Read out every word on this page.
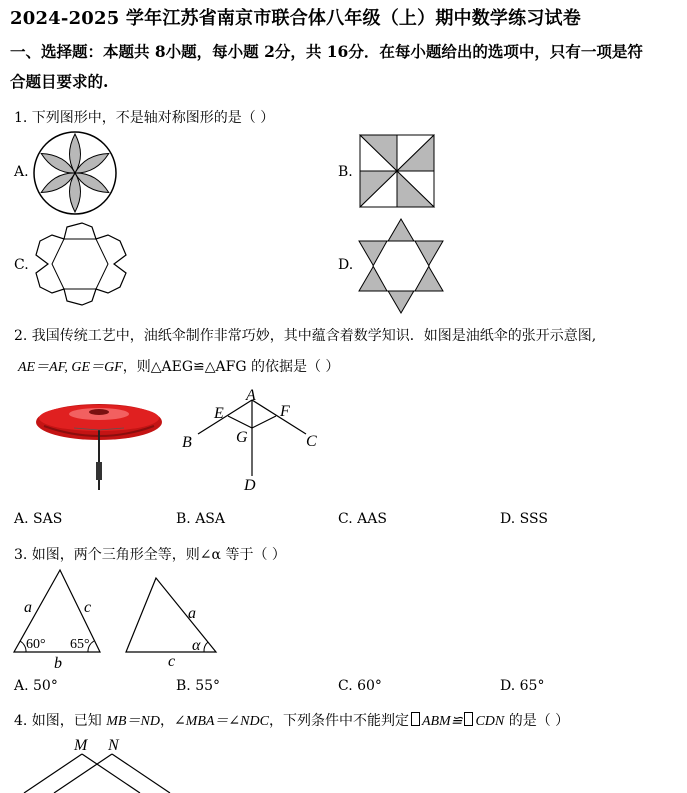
2024-2025 学年江苏省南京市联合体八年级（上）期中数学练习试卷
一、选择题：本题共 8小题，每小题 2分，共 16分．在每小题给出的选项中，只有一项是符
合题目要求的.
1. 下列图形中，不是轴对称图形的是（ ）
A.	B.
C.	D.
2. 我国传统工艺中，油纸伞制作非常巧妙，其中蕴含着数学知识．如图是油纸伞的张开示意图,
AE＝AF, GE＝GF，则△AEG≌△AFG 的依据是（ ）
A
E	F
B	G	C
D
A. SAS	B. ASA	C. AAS	D. SSS
3. 如图，两个三角形全等，则∠α 等于（ ）
a	c
b
60° 65°
a
c
α
A. 50°	B. 55°	C. 60°	D. 65°
4. 如图，已知 MB＝ND，∠MBA＝∠NDC，下列条件中不能判定 ABM≌ CDN 的是（ ）
M N
